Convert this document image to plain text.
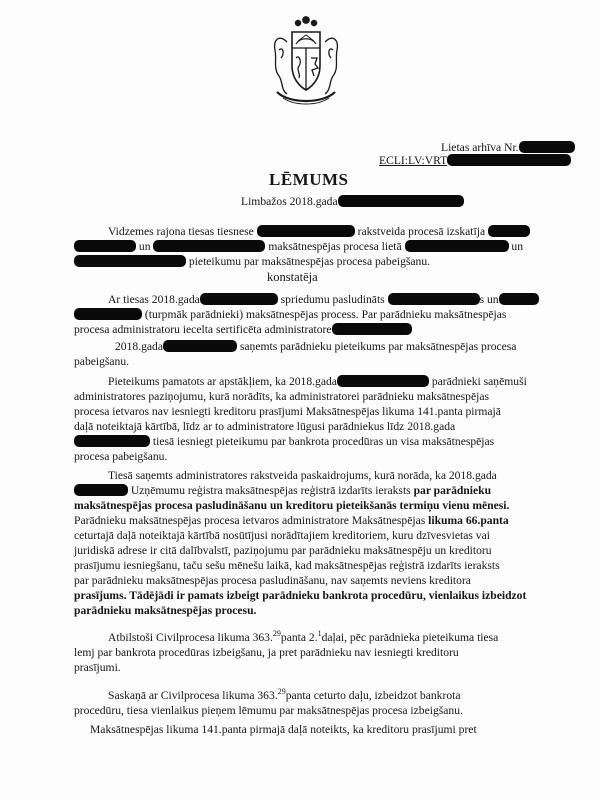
Lietas arhīva Nr.
ECLI:LV:VRT
LĒMUMS
Limbažos 2018.gada
Vidzemes rajona tiesas tiesnese	rakstveida procesā izskatīja
un	maksātnespējas procesa lietā	un
pieteikumu par maksātnespējas procesa pabeigšanu.
konstatēja
Ar tiesas 2018.gada	spriedumu pasludināts	s un
(turpmāk parādnieki) maksātnespējas process. Par parādnieku maksātnespējas
procesa administratoru iecelta sertificēta administratore
2018.gada	saņemts parādnieku pieteikums par maksātnespējas procesa
pabeigšanu.
Pieteikums pamatots ar apstākļiem, ka 2018.gada	parādnieki saņēmuši
administratores paziņojumu, kurā norādīts, ka administratorei parādnieku maksātnespējas
procesa ietvaros nav iesniegti kreditoru prasījumi Maksātnespējas likuma 141.panta pirmajā
daļā noteiktajā kārtībā, līdz ar to administratore lūgusi parādniekus līdz 2018.gada
tiesā iesniegt pieteikumu par bankrota procedūras un visa maksātnespējas
procesa pabeigšanu.
Tiesā saņemts administratores rakstveida paskaidrojums, kurā norāda, ka 2018.gada
Uzņēmumu reģistra maksātnespējas reģistrā izdarīts ieraksts par parādnieku
maksātnespējas procesa pasludināšanu un kreditoru pieteikšanās termiņu vienu mēnesi.
Parādnieku maksātnespējas procesa ietvaros administratore Maksātnespējas likuma 66.panta
ceturtajā daļā noteiktajā kārtībā nosūtījusi norādītajiem kreditoriem, kuru dzīvesvietas vai
juridiskā adrese ir citā dalībvalstī, paziņojumu par parādnieku maksātnespēju un kreditoru
prasījumu iesniegšanu, taču sešu mēnešu laikā, kad maksātnespējas reģistrā izdarīts ieraksts
par parādnieku maksātnespējas procesa pasludināšanu, nav saņemts neviens kreditora
prasījums. Tādējādi ir pamats izbeigt parādnieku bankrota procedūru, vienlaikus izbeidzot
parādnieku maksātnespējas procesu.
Atbilstoši Civilprocesa likuma 363.29panta 2.$^1$daļai, pēc parādnieka pieteikuma tiesa
lemj par bankrota procedūras izbeigšanu, ja pret parādnieku nav iesniegti kreditoru
prasījumi.
Saskaņā ar Civilprocesa likuma 363.29panta ceturto daļu, izbeidzot bankrota
procedūru, tiesa vienlaikus pieņem lēmumu par maksātnespējas procesa izbeigšanu.
Maksātnespējas likuma 141.panta pirmajā daļā noteikts, ka kreditoru prasījumi pret
